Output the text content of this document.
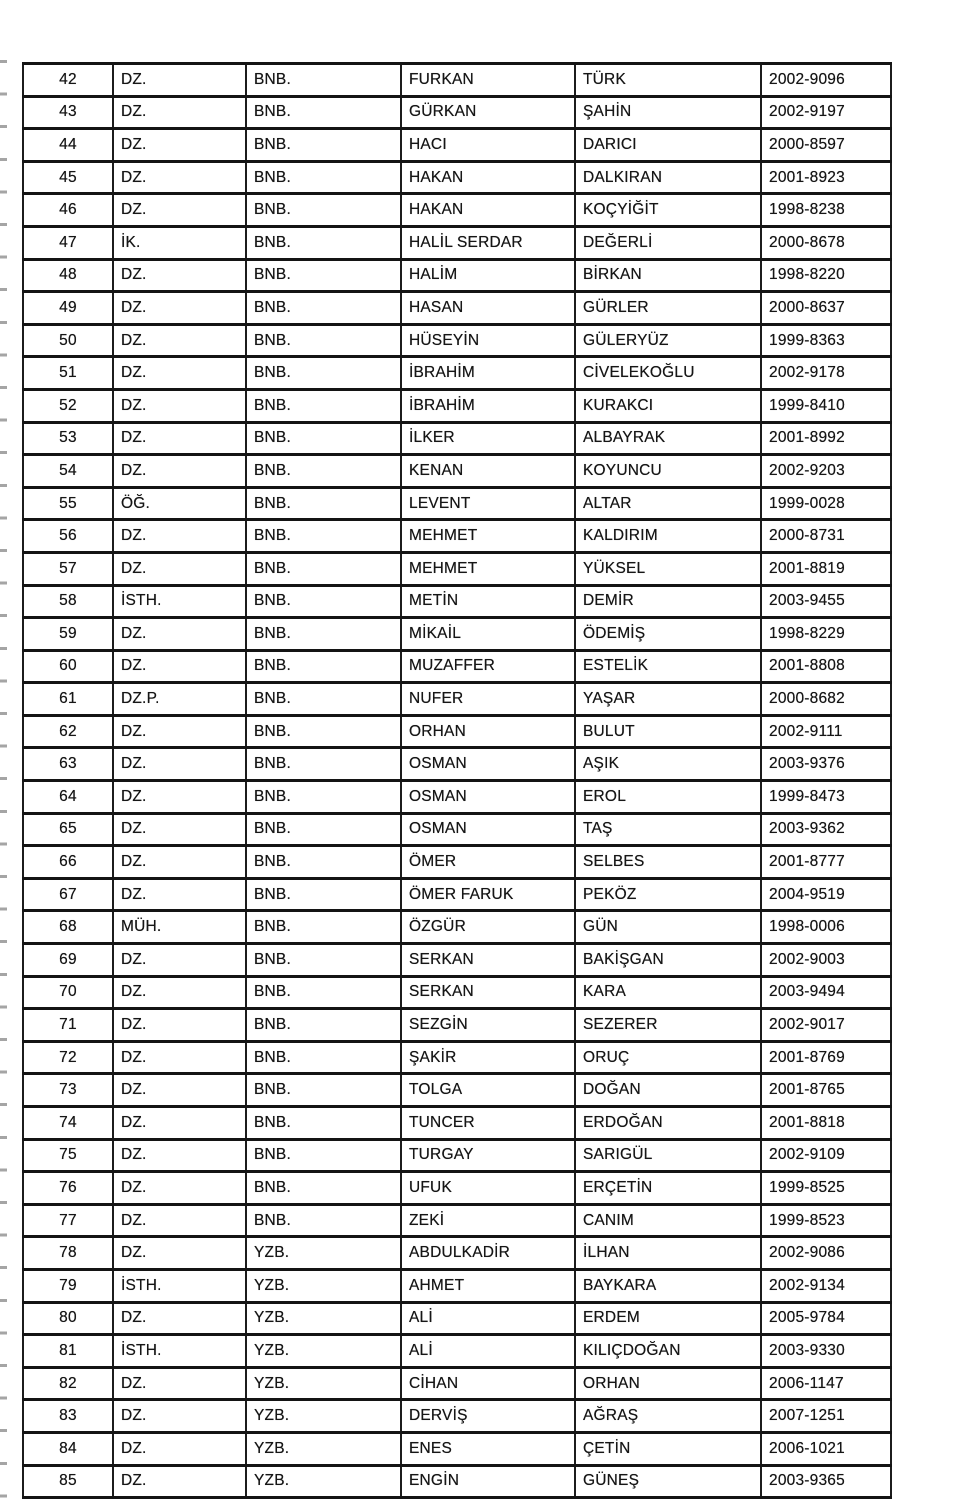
42	DZ.	BNB.	FURKAN	TÜRK	2002-9096
43	DZ.	BNB.	GÜRKAN	ŞAHİN	2002-9197
44	DZ.	BNB.	HACI	DARICI	2000-8597
45	DZ.	BNB.	HAKAN	DALKIRAN	2001-8923
46	DZ.	BNB.	HAKAN	KOÇYİĞİT	1998-8238
47	İK.	BNB.	HALİL SERDAR	DEĞERLİ	2000-8678
48	DZ.	BNB.	HALİM	BİRKAN	1998-8220
49	DZ.	BNB.	HASAN	GÜRLER	2000-8637
50	DZ.	BNB.	HÜSEYİN	GÜLERYÜZ	1999-8363
51	DZ.	BNB.	İBRAHİM	CİVELEKOĞLU	2002-9178
52	DZ.	BNB.	İBRAHİM	KURAKCI	1999-8410
53	DZ.	BNB.	İLKER	ALBAYRAK	2001-8992
54	DZ.	BNB.	KENAN	KOYUNCU	2002-9203
55	ÖĞ.	BNB.	LEVENT	ALTAR	1999-0028
56	DZ.	BNB.	MEHMET	KALDIRIM	2000-8731
57	DZ.	BNB.	MEHMET	YÜKSEL	2001-8819
58	İSTH.	BNB.	METİN	DEMİR	2003-9455
59	DZ.	BNB.	MİKAİL	ÖDEMİŞ	1998-8229
60	DZ.	BNB.	MUZAFFER	ESTELİK	2001-8808
61	DZ.P.	BNB.	NUFER	YAŞAR	2000-8682
62	DZ.	BNB.	ORHAN	BULUT	2002-9111
63	DZ.	BNB.	OSMAN	AŞIK	2003-9376
64	DZ.	BNB.	OSMAN	EROL	1999-8473
65	DZ.	BNB.	OSMAN	TAŞ	2003-9362
66	DZ.	BNB.	ÖMER	SELBES	2001-8777
67	DZ.	BNB.	ÖMER FARUK	PEKÖZ	2004-9519
68	MÜH.	BNB.	ÖZGÜR	GÜN	1998-0006
69	DZ.	BNB.	SERKAN	BAKİŞGAN	2002-9003
70	DZ.	BNB.	SERKAN	KARA	2003-9494
71	DZ.	BNB.	SEZGİN	SEZERER	2002-9017
72	DZ.	BNB.	ŞAKİR	ORUÇ	2001-8769
73	DZ.	BNB.	TOLGA	DOĞAN	2001-8765
74	DZ.	BNB.	TUNCER	ERDOĞAN	2001-8818
75	DZ.	BNB.	TURGAY	SARIGÜL	2002-9109
76	DZ.	BNB.	UFUK	ERÇETİN	1999-8525
77	DZ.	BNB.	ZEKİ	CANIM	1999-8523
78	DZ.	YZB.	ABDULKADİR	İLHAN	2002-9086
79	İSTH.	YZB.	AHMET	BAYKARA	2002-9134
80	DZ.	YZB.	ALİ	ERDEM	2005-9784
81	İSTH.	YZB.	ALİ	KILIÇDOĞAN	2003-9330
82	DZ.	YZB.	CİHAN	ORHAN	2006-1147
83	DZ.	YZB.	DERVİŞ	AĞRAŞ	2007-1251
84	DZ.	YZB.	ENES	ÇETİN	2006-1021
85	DZ.	YZB.	ENGİN	GÜNEŞ	2003-9365
